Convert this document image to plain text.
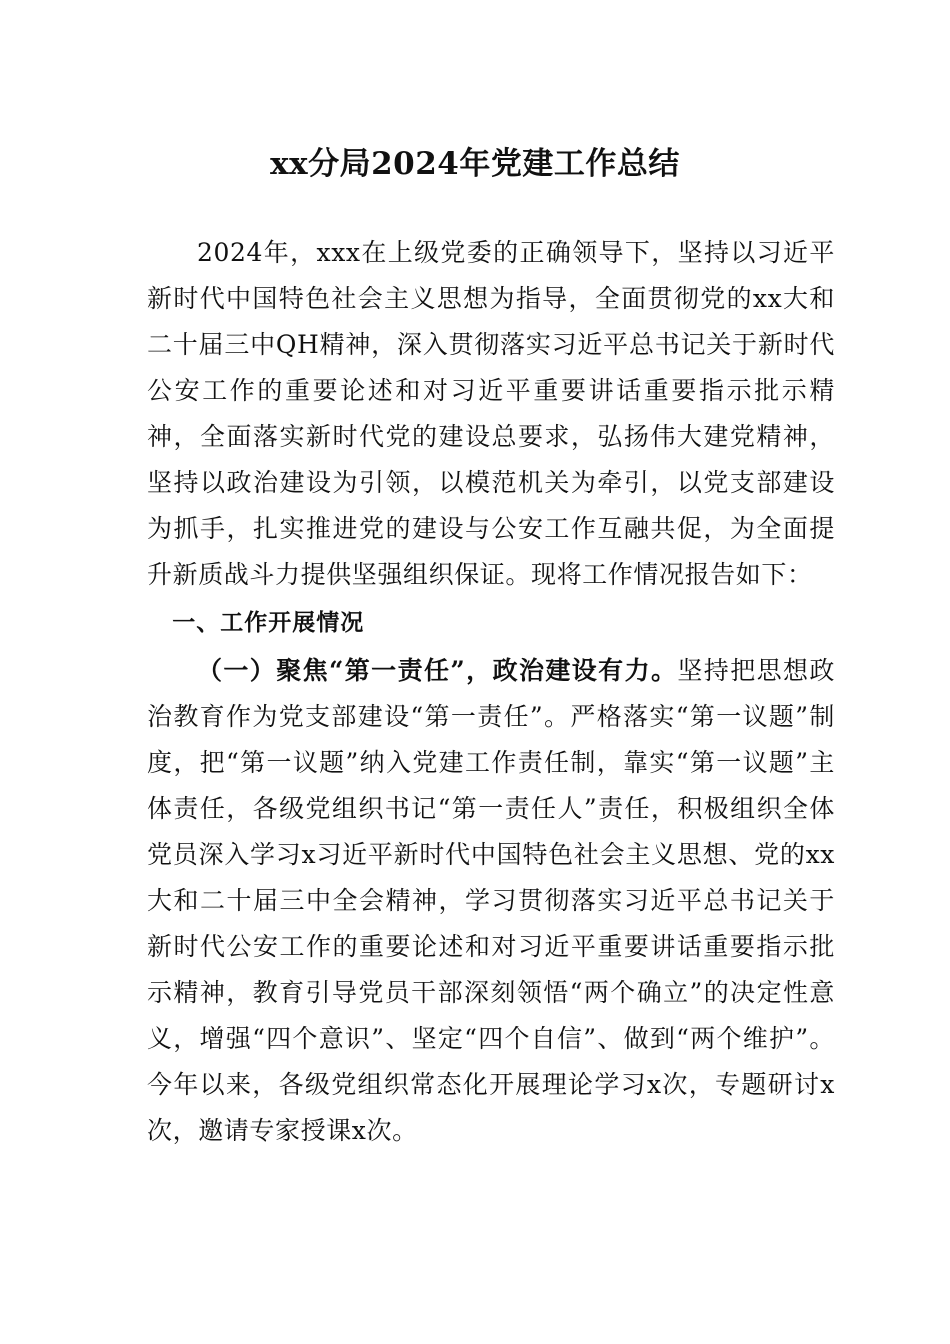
xx分局2024年党建工作总结

2024年，xxx在上级党委的正确领导下，坚持以习近平新时代中国特色社会主义思想为指导，全面贯彻党的xx大和二十届三中QH精神，深入贯彻落实习近平总书记关于新时代公安工作的重要论述和对习近平重要讲话重要指示批示精神，全面落实新时代党的建设总要求，弘扬伟大建党精神，坚持以政治建设为引领，以模范机关为牵引，以党支部建设为抓手，扎实推进党的建设与公安工作互融共促，为全面提升新质战斗力提供坚强组织保证。现将工作情况报告如下：

一、工作开展情况

（一）聚焦“第一责任”，政治建设有力。坚持把思想政治教育作为党支部建设“第一责任”。严格落实“第一议题”制度，把“第一议题”纳入党建工作责任制，靠实“第一议题”主体责任，各级党组织书记“第一责任人”责任，积极组织全体党员深入学习x习近平新时代中国特色社会主义思想、党的xx大和二十届三中全会精神，学习贯彻落实习近平总书记关于新时代公安工作的重要论述和对习近平重要讲话重要指示批示精神，教育引导党员干部深刻领悟“两个确立”的决定性意义，增强“四个意识”、坚定“四个自信”、做到“两个维护”。今年以来，各级党组织常态化开展理论学习x次，专题研讨x次，邀请专家授课x次。
